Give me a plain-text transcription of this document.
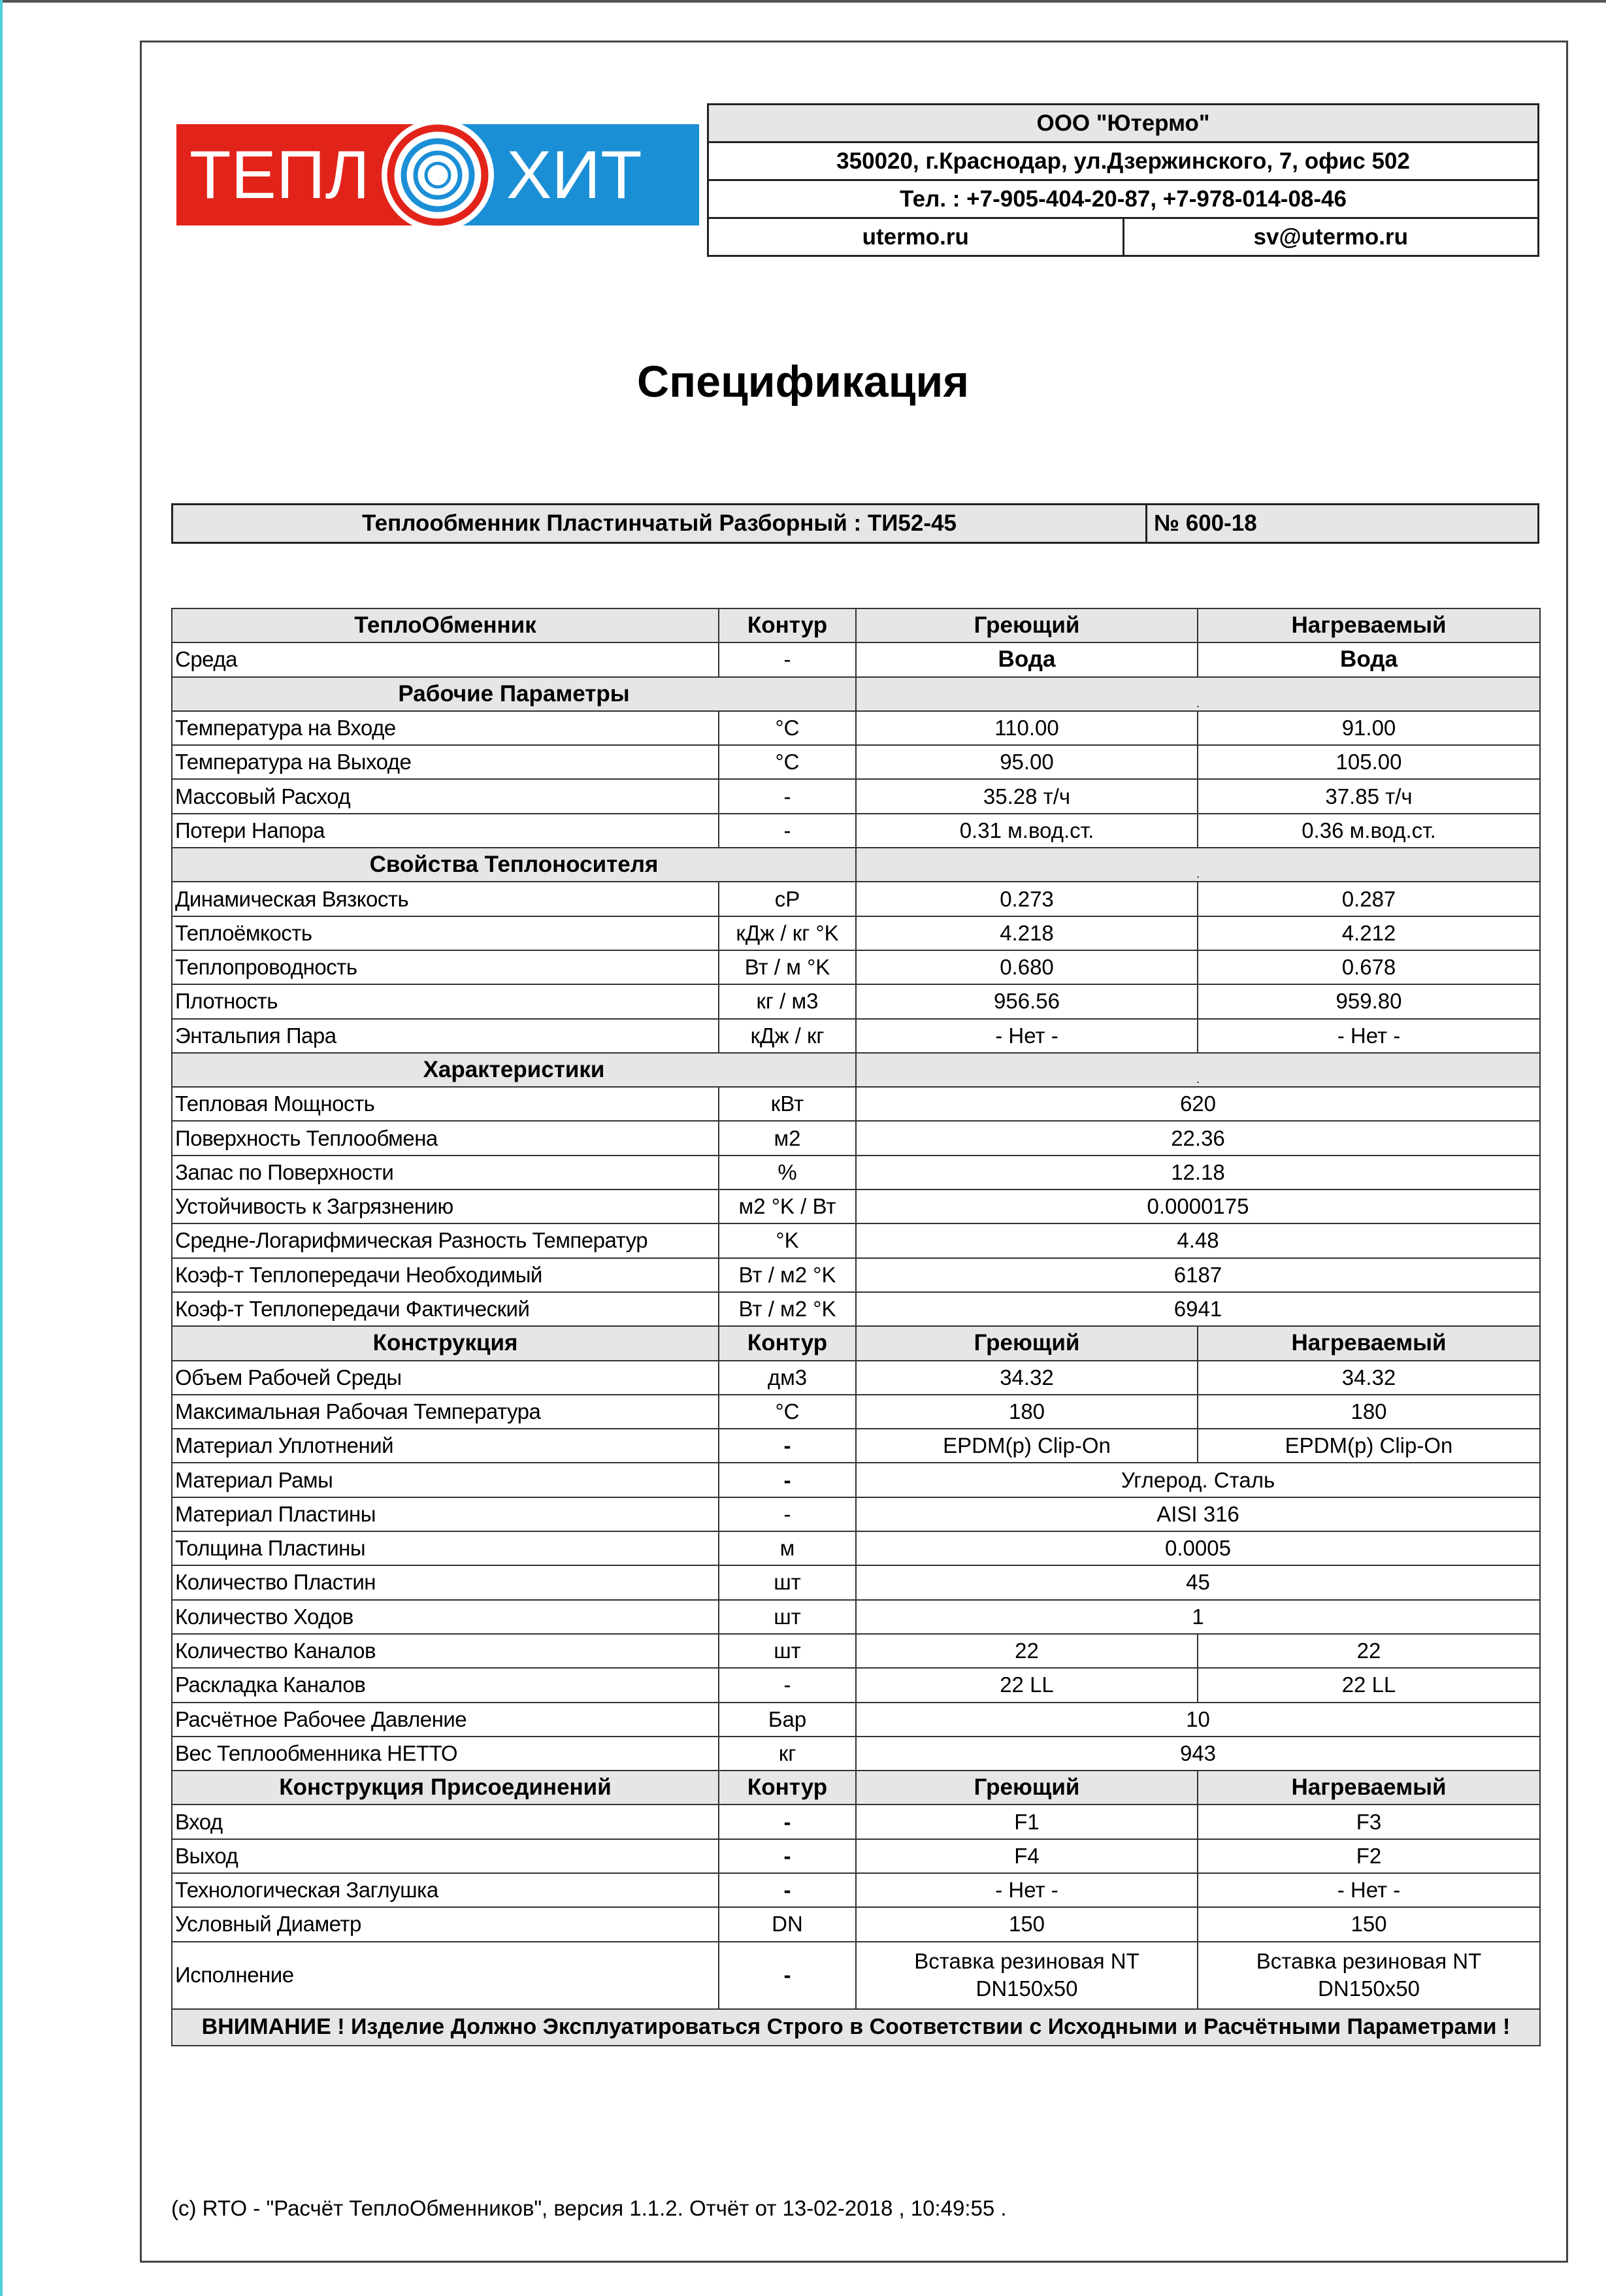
ТЕПЛ ХИТ
ООО "Ютермо"
350020, г.Краснодар, ул.Дзержинского, 7, офис 502
Тел. : +7-905-404-20-87, +7-978-014-08-46
utermo.ru	sv@utermo.ru
Спецификация
Теплообменник Пластинчатый Разборный : ТИ52-45	№ 600-18
ТеплоОбменник	Контур	Греющий	Нагреваемый
Среда	-	Вода	Вода
Рабочие Параметры		.	
Температура на Входе	°C	110.00	91.00
Температура на Выходе	°C	95.00	105.00
Массовый Расход	-	35.28 т/ч	37.85 т/ч
Потери Напора	-	0.31 м.вод.ст.	0.36 м.вод.ст.
Свойства Теплоносителя		.	
Динамическая Вязкость	cP	0.273	0.287
Теплоёмкость	кДж / кг °K	4.218	4.212
Теплопроводность	Вт / м °K	0.680	0.678
Плотность	кг / м3	956.56	959.80
Энтальпия Пара	кДж / кг	- Нет -	- Нет -
Характеристики		.	
Тепловая Мощность	кВт	620	
Поверхность Теплообмена	м2	22.36	
Запас по Поверхности	%	12.18	
Устойчивость к Загрязнению	м2 °K / Вт	0.0000175	
Средне-Логарифмическая Разность Температур	°K	4.48	
Коэф-т Теплопередачи Необходимый	Вт / м2 °K	6187	
Коэф-т Теплопередачи Фактический	Вт / м2 °K	6941	
Конструкция	Контур	Греющий	Нагреваемый
Объем Рабочей Среды	дм3	34.32	34.32
Максимальная Рабочая Температура	°C	180	180
Материал Уплотнений	-	EPDM(p) Clip-On	EPDM(p) Clip-On
Материал Рамы	-	Углерод. Сталь	
Материал Пластины	-	AISI 316	
Толщина Пластины	м	0.0005	
Количество Пластин	шт	45	
Количество Ходов	шт	1	
Количество Каналов	шт	22	22
Раскладка Каналов	-	22 LL	22 LL
Расчётное Рабочее Давление	Бар	10	
Вес Теплообменника НЕТТО	кг	943	
Конструкция Присоединений	Контур	Греющий	Нагреваемый
Вход	-	F1	F3
Выход	-	F4	F2
Технологическая Заглушка	-	- Нет -	- Нет -
Условный Диаметр	DN	150	150
Исполнение	-	Вставка резиновая NT DN150x50	Вставка резиновая NT DN150x50
ВНИМАНИЕ ! Изделие Должно Эксплуатироваться Строго в Соответствии с Исходными и Расчётными Параметрами !			
(c) RTO - "Расчёт ТеплоОбменников", версия 1.1.2. Отчёт от 13-02-2018 , 10:49:55 .
